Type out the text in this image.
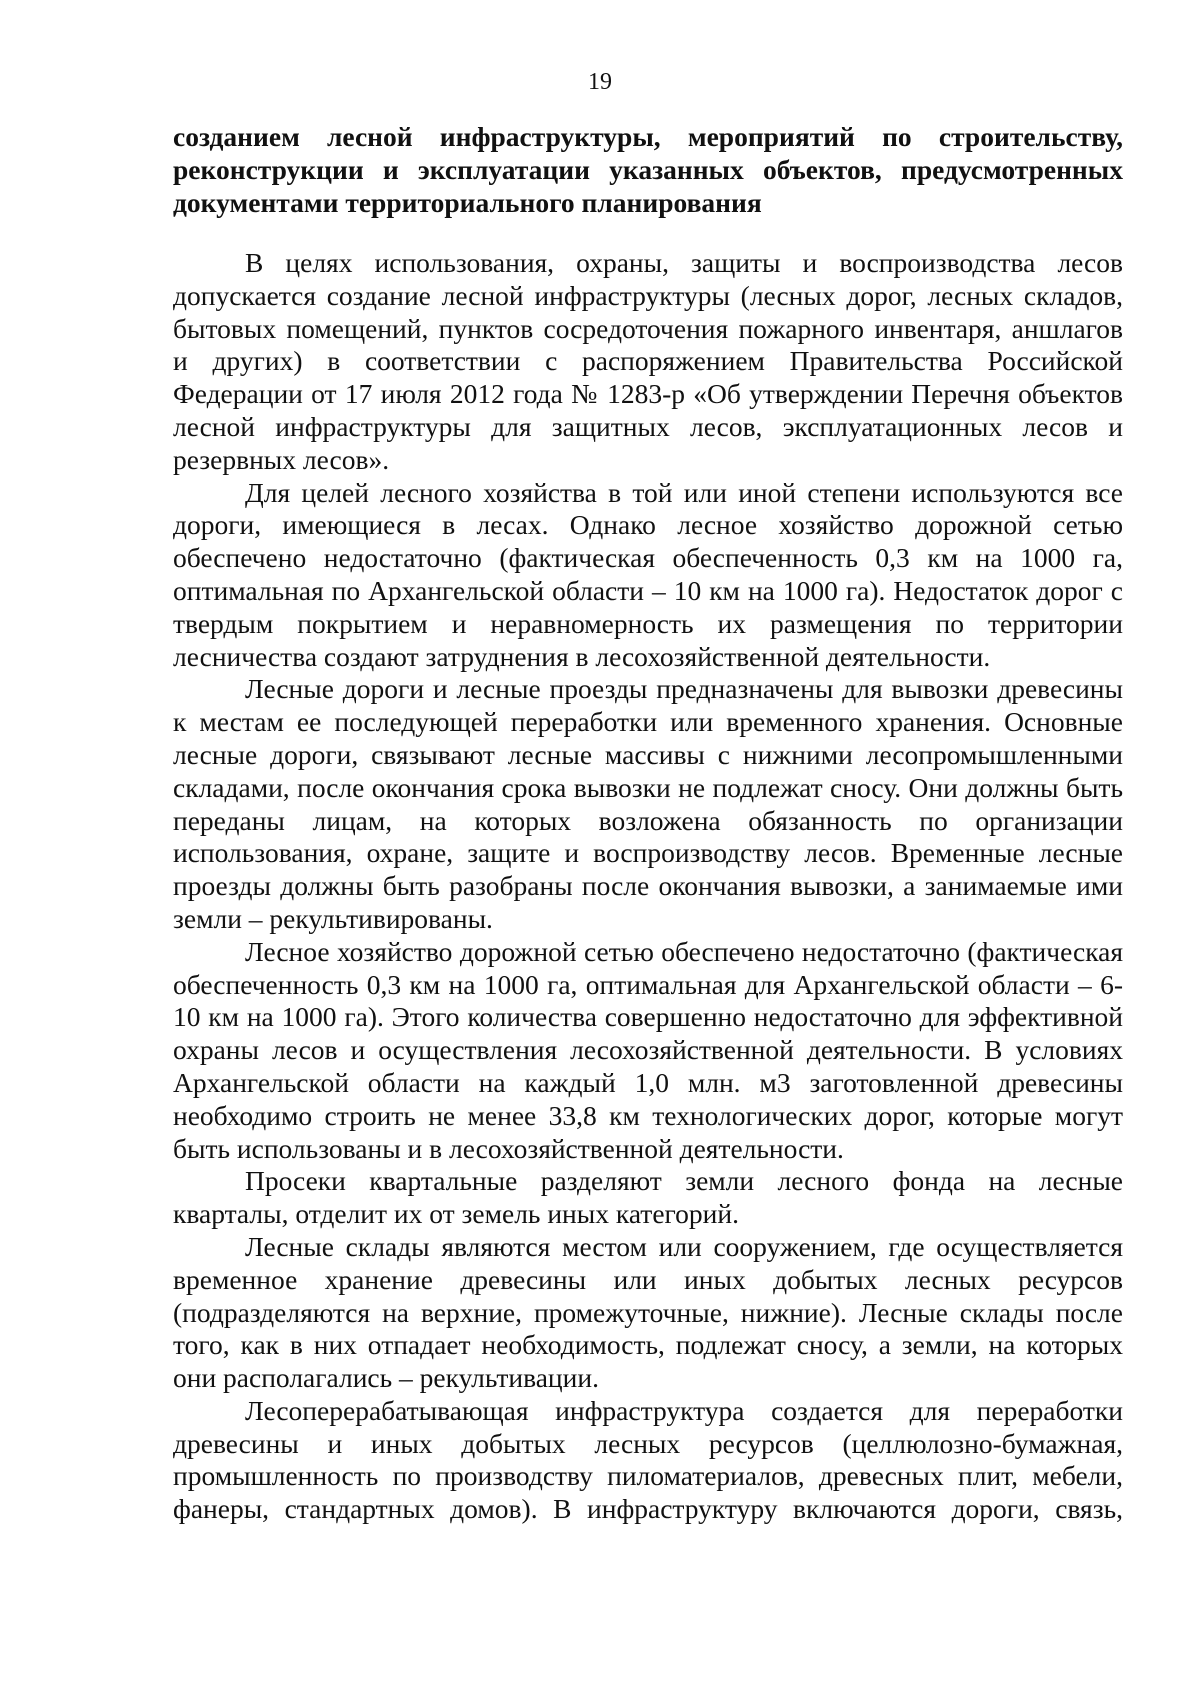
19
созданием лесной инфраструктуры, мероприятий по строительству, реконструкции и эксплуатации указанных объектов, предусмотренных документами территориального планирования

В целях использования, охраны, защиты и воспроизводства лесов допускается создание лесной инфраструктуры (лесных дорог, лесных складов, бытовых помещений, пунктов сосредоточения пожарного инвентаря, аншлагов и других) в соответствии с распоряжением Правительства Российской Федерации от 17 июля 2012 года № 1283-р «Об утверждении Перечня объектов лесной инфраструктуры для защитных лесов, эксплуатационных лесов и резервных лесов».

Для целей лесного хозяйства в той или иной степени используются все дороги, имеющиеся в лесах. Однако лесное хозяйство дорожной сетью обеспечено недостаточно (фактическая обеспеченность 0,3 км на 1000 га, оптимальная по Архангельской области – 10 км на 1000 га). Недостаток дорог с твердым покрытием и неравномерность их размещения по территории лесничества создают затруднения в лесохозяйственной деятельности.

Лесные дороги и лесные проезды предназначены для вывозки древесины к местам ее последующей переработки или временного хранения. Основные лесные дороги, связывают лесные массивы с нижними лесопромышленными складами, после окончания срока вывозки не подлежат сносу. Они должны быть переданы лицам, на которых возложена обязанность по организации использования, охране, защите и воспроизводству лесов. Временные лесные проезды должны быть разобраны после окончания вывозки, а занимаемые ими земли – рекультивированы.

Лесное хозяйство дорожной сетью обеспечено недостаточно (фактическая обеспеченность 0,3 км на 1000 га, оптимальная для Архангельской области – 6-10 км на 1000 га). Этого количества совершенно недостаточно для эффективной охраны лесов и осуществления лесохозяйственной деятельности. В условиях Архангельской области на каждый 1,0 млн. м3 заготовленной древесины необходимо строить не менее 33,8 км технологических дорог, которые могут быть использованы и в лесохозяйственной деятельности.

Просеки квартальные разделяют земли лесного фонда на лесные кварталы, отделит их от земель иных категорий.

Лесные склады являются местом или сооружением, где осуществляется временное хранение древесины или иных добытых лесных ресурсов (подразделяются на верхние, промежуточные, нижние). Лесные склады после того, как в них отпадает необходимость, подлежат сносу, а земли, на которых они располагались – рекультивации.

Лесоперерабатывающая инфраструктура создается для переработки древесины и иных добытых лесных ресурсов (целлюлозно-бумажная, промышленность по производству пиломатериалов, древесных плит, мебели, фанеры, стандартных домов). В инфраструктуру включаются дороги, связь,
